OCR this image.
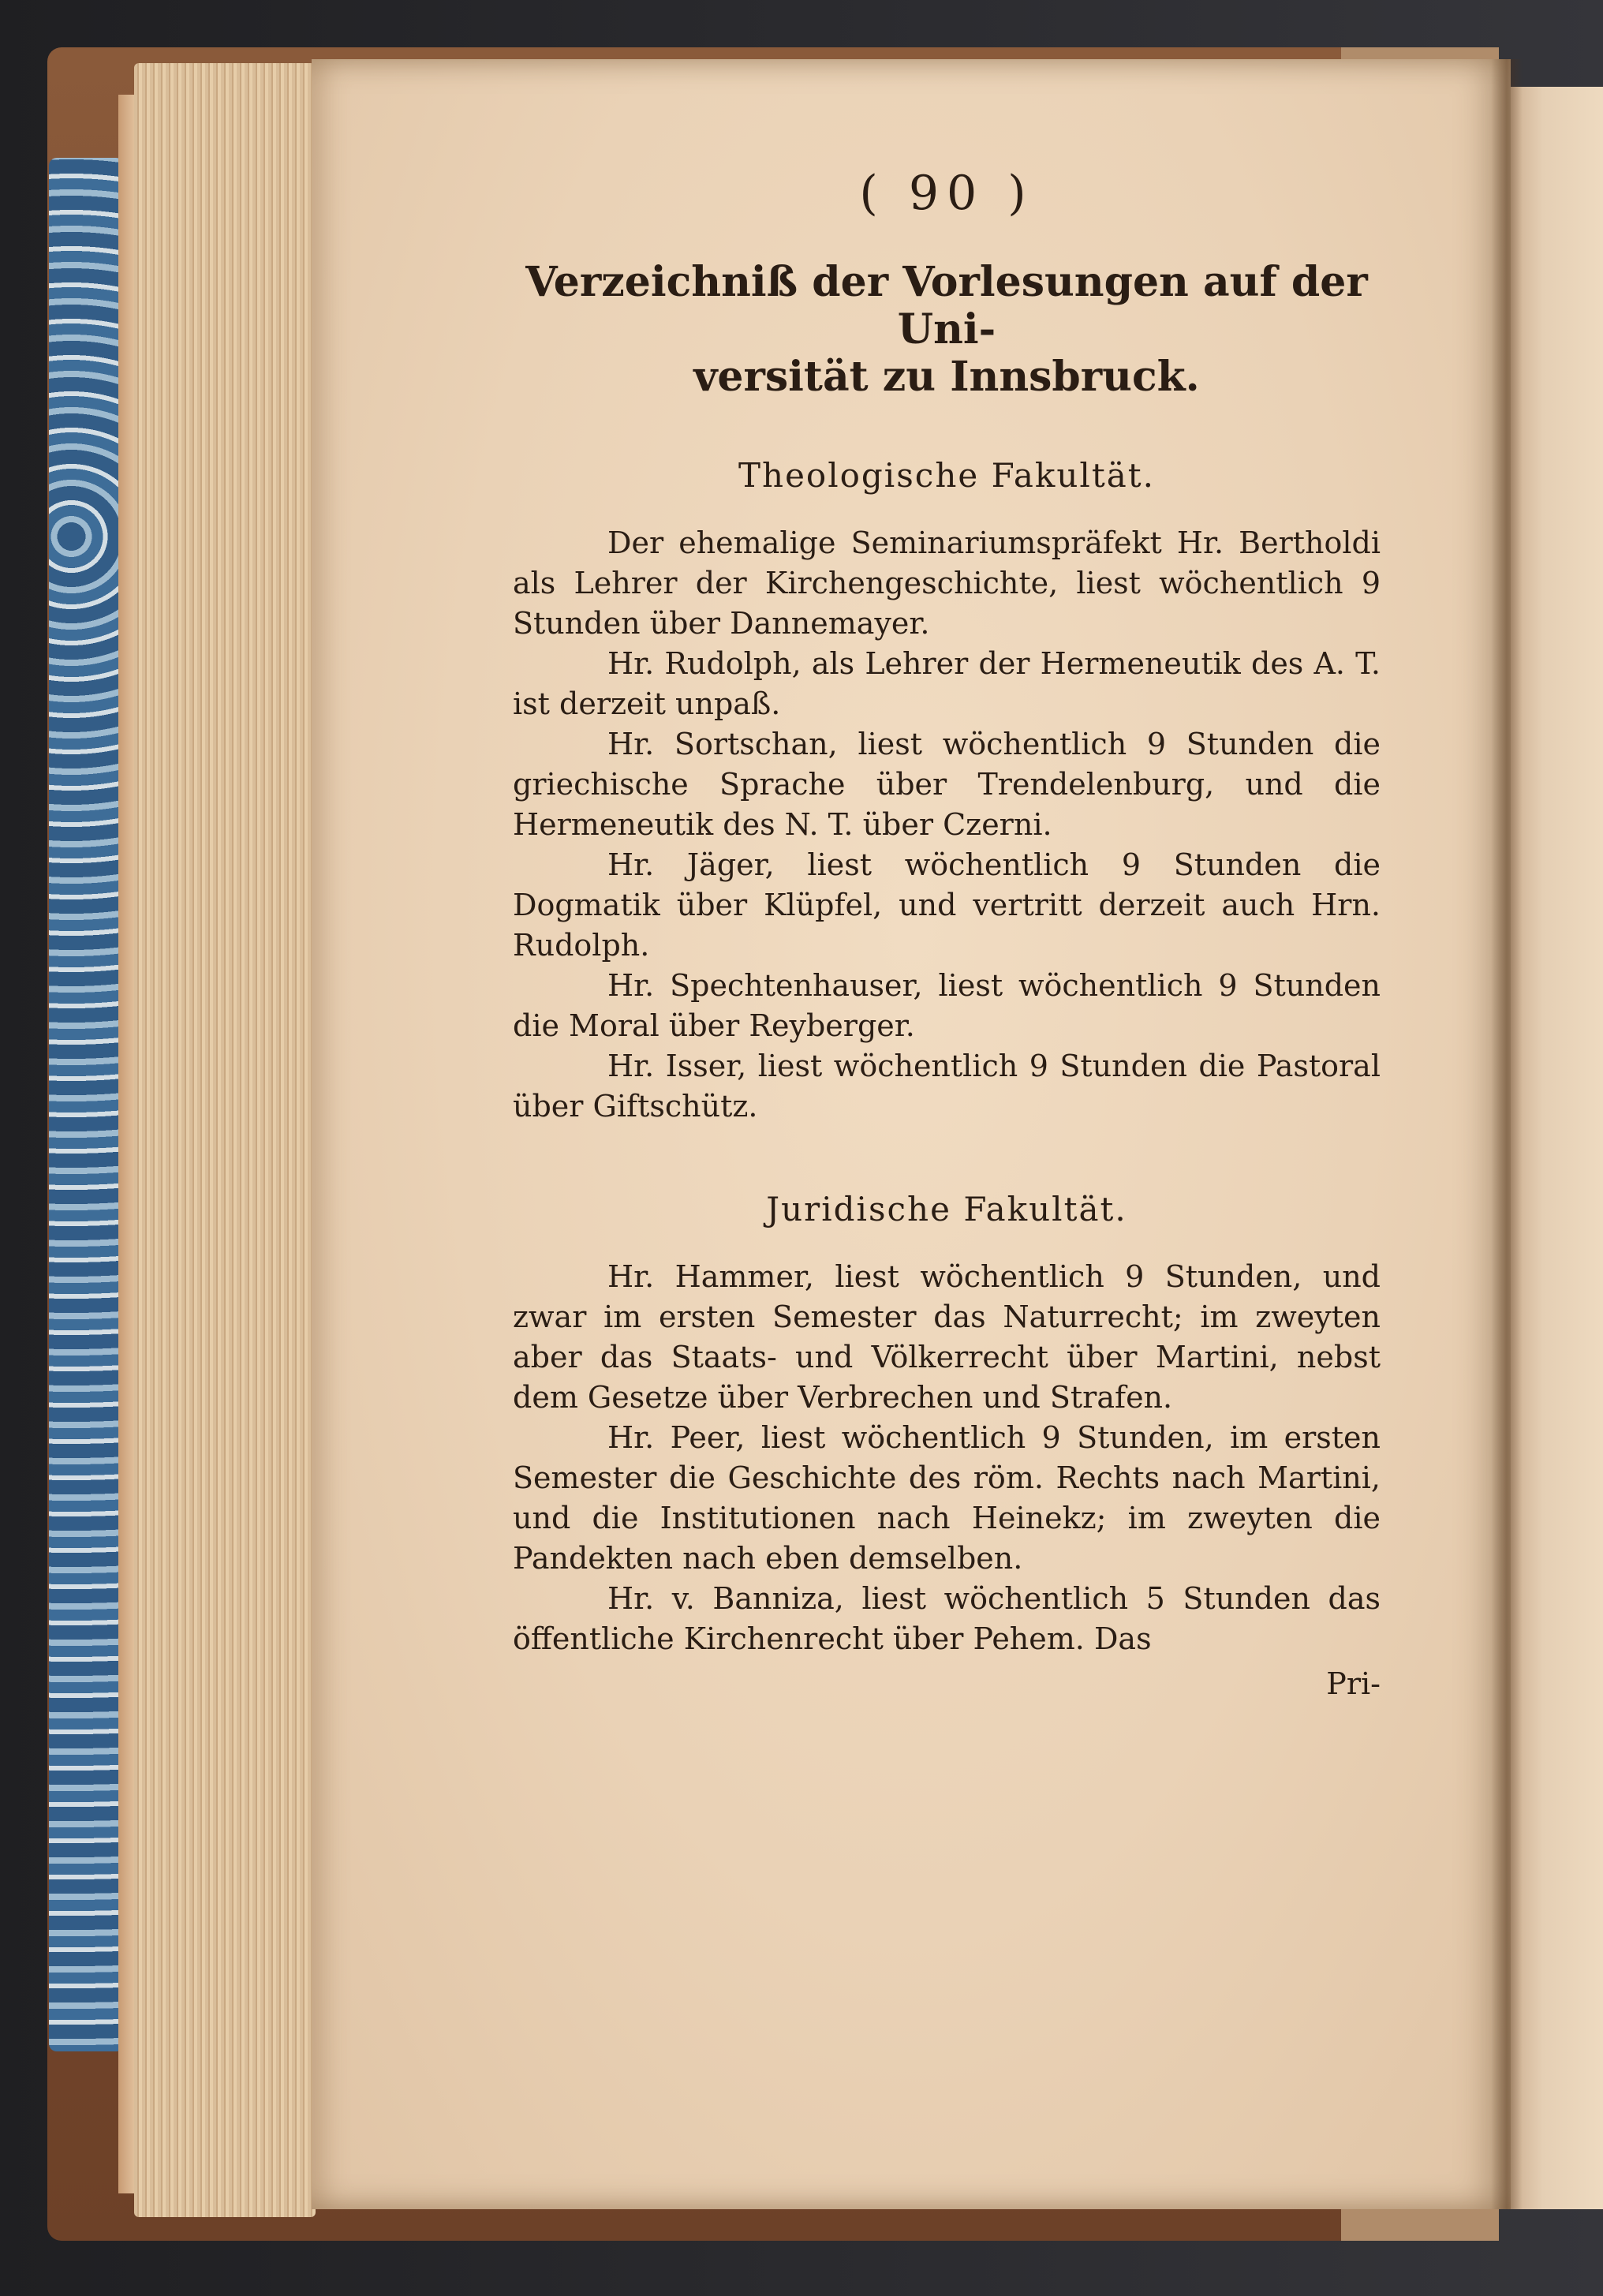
( 90 )
Verzeichniß der Vorlesungen auf der Uni-
versität zu Innsbruck.
Theologische Fakultät.

Der ehemalige Seminariumspräfekt Hr. Bertholdi als Lehrer der Kirchengeschichte, liest wöchentlich 9 Stunden über Dannemayer.

Hr. Rudolph, als Lehrer der Hermeneutik des A. T. ist derzeit unpaß.

Hr. Sortschan, liest wöchentlich 9 Stunden die griechische Sprache über Trendelenburg, und die Hermeneutik des N. T. über Czerni.

Hr. Jäger, liest wöchentlich 9 Stunden die Dogmatik über Klüpfel, und vertritt derzeit auch Hrn. Rudolph.

Hr. Spechtenhauser, liest wöchentlich 9 Stunden die Moral über Reyberger.

Hr. Isser, liest wöchentlich 9 Stunden die Pastoral über Giftschütz.

Juridische Fakultät.

Hr. Hammer, liest wöchentlich 9 Stunden, und zwar im ersten Semester das Naturrecht; im zweyten aber das Staats- und Völkerrecht über Martini, nebst dem Gesetze über Verbrechen und Strafen.

Hr. Peer, liest wöchentlich 9 Stunden, im ersten Semester die Geschichte des röm. Rechts nach Martini, und die Institutionen nach Heinekz; im zweyten die Pandekten nach eben demselben.

Hr. v. Banniza, liest wöchentlich 5 Stunden das öffentliche Kirchenrecht über Pehem. Das

Pri-
